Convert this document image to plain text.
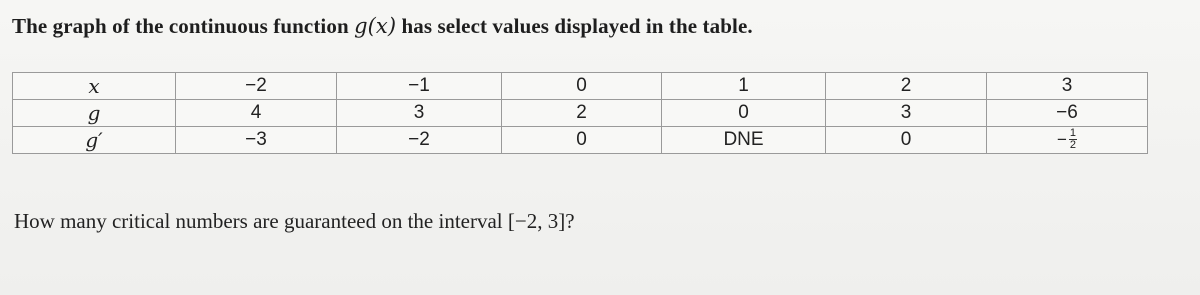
The graph of the continuous function g(x) has select values displayed in the table.
x	−2	−1	0	1	2	3
g	4	3	2	0	3	−6
g′	−3	−2	0	DNE	0	− $\frac{1}{2}$
How many critical numbers are guaranteed on the interval [−2, 3]?
